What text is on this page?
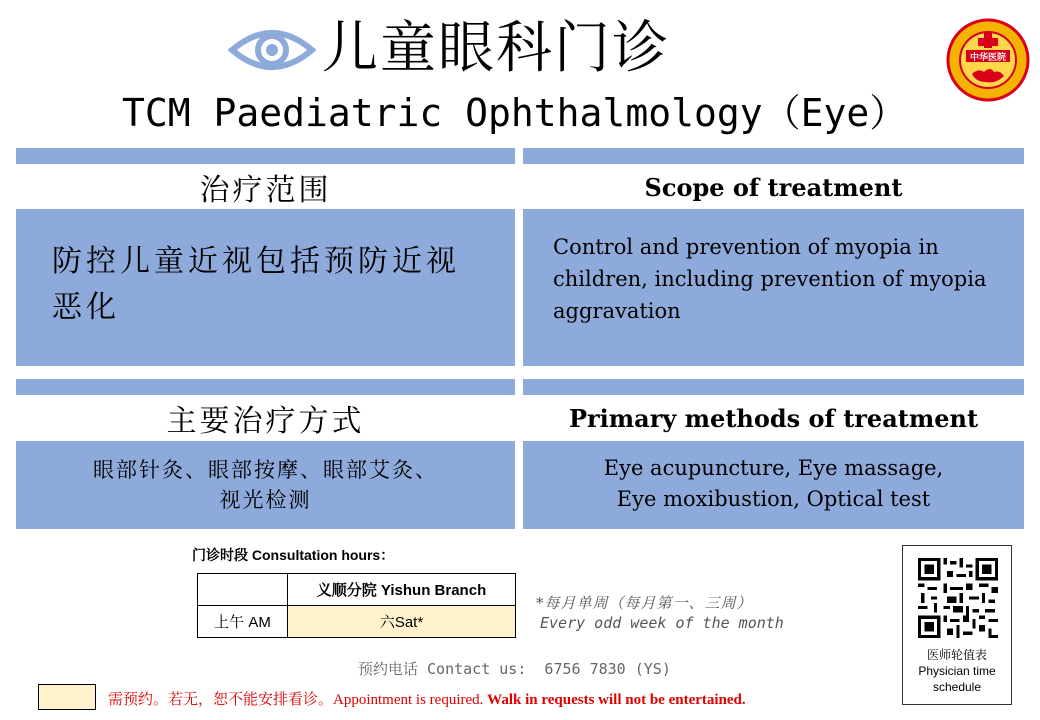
儿童眼科门诊
TCM Paediatric Ophthalmology（Eye）
中华医院
治疗范围	Scope of treatment
防控儿童近视包括预防近视恶化
Control and prevention of myopia in children, including prevention of myopia aggravation
主要治疗方式	Primary methods of treatment
眼部针灸、眼部按摩、眼部艾灸、
视光检测
Eye acupuncture, Eye massage,
Eye moxibustion, Optical test
门诊时段 Consultation hours：
	义顺分院 Yishun Branch
上午 AM	六Sat*
*每月单周（每月第一、三周）
Every odd week of the month
预约电话 Contact us:  6756 7830 (YS)
需预约。若无，恕不能安排看诊。Appointment is required. Walk in requests will not be entertained.
医师轮值表
Physician time
schedule
